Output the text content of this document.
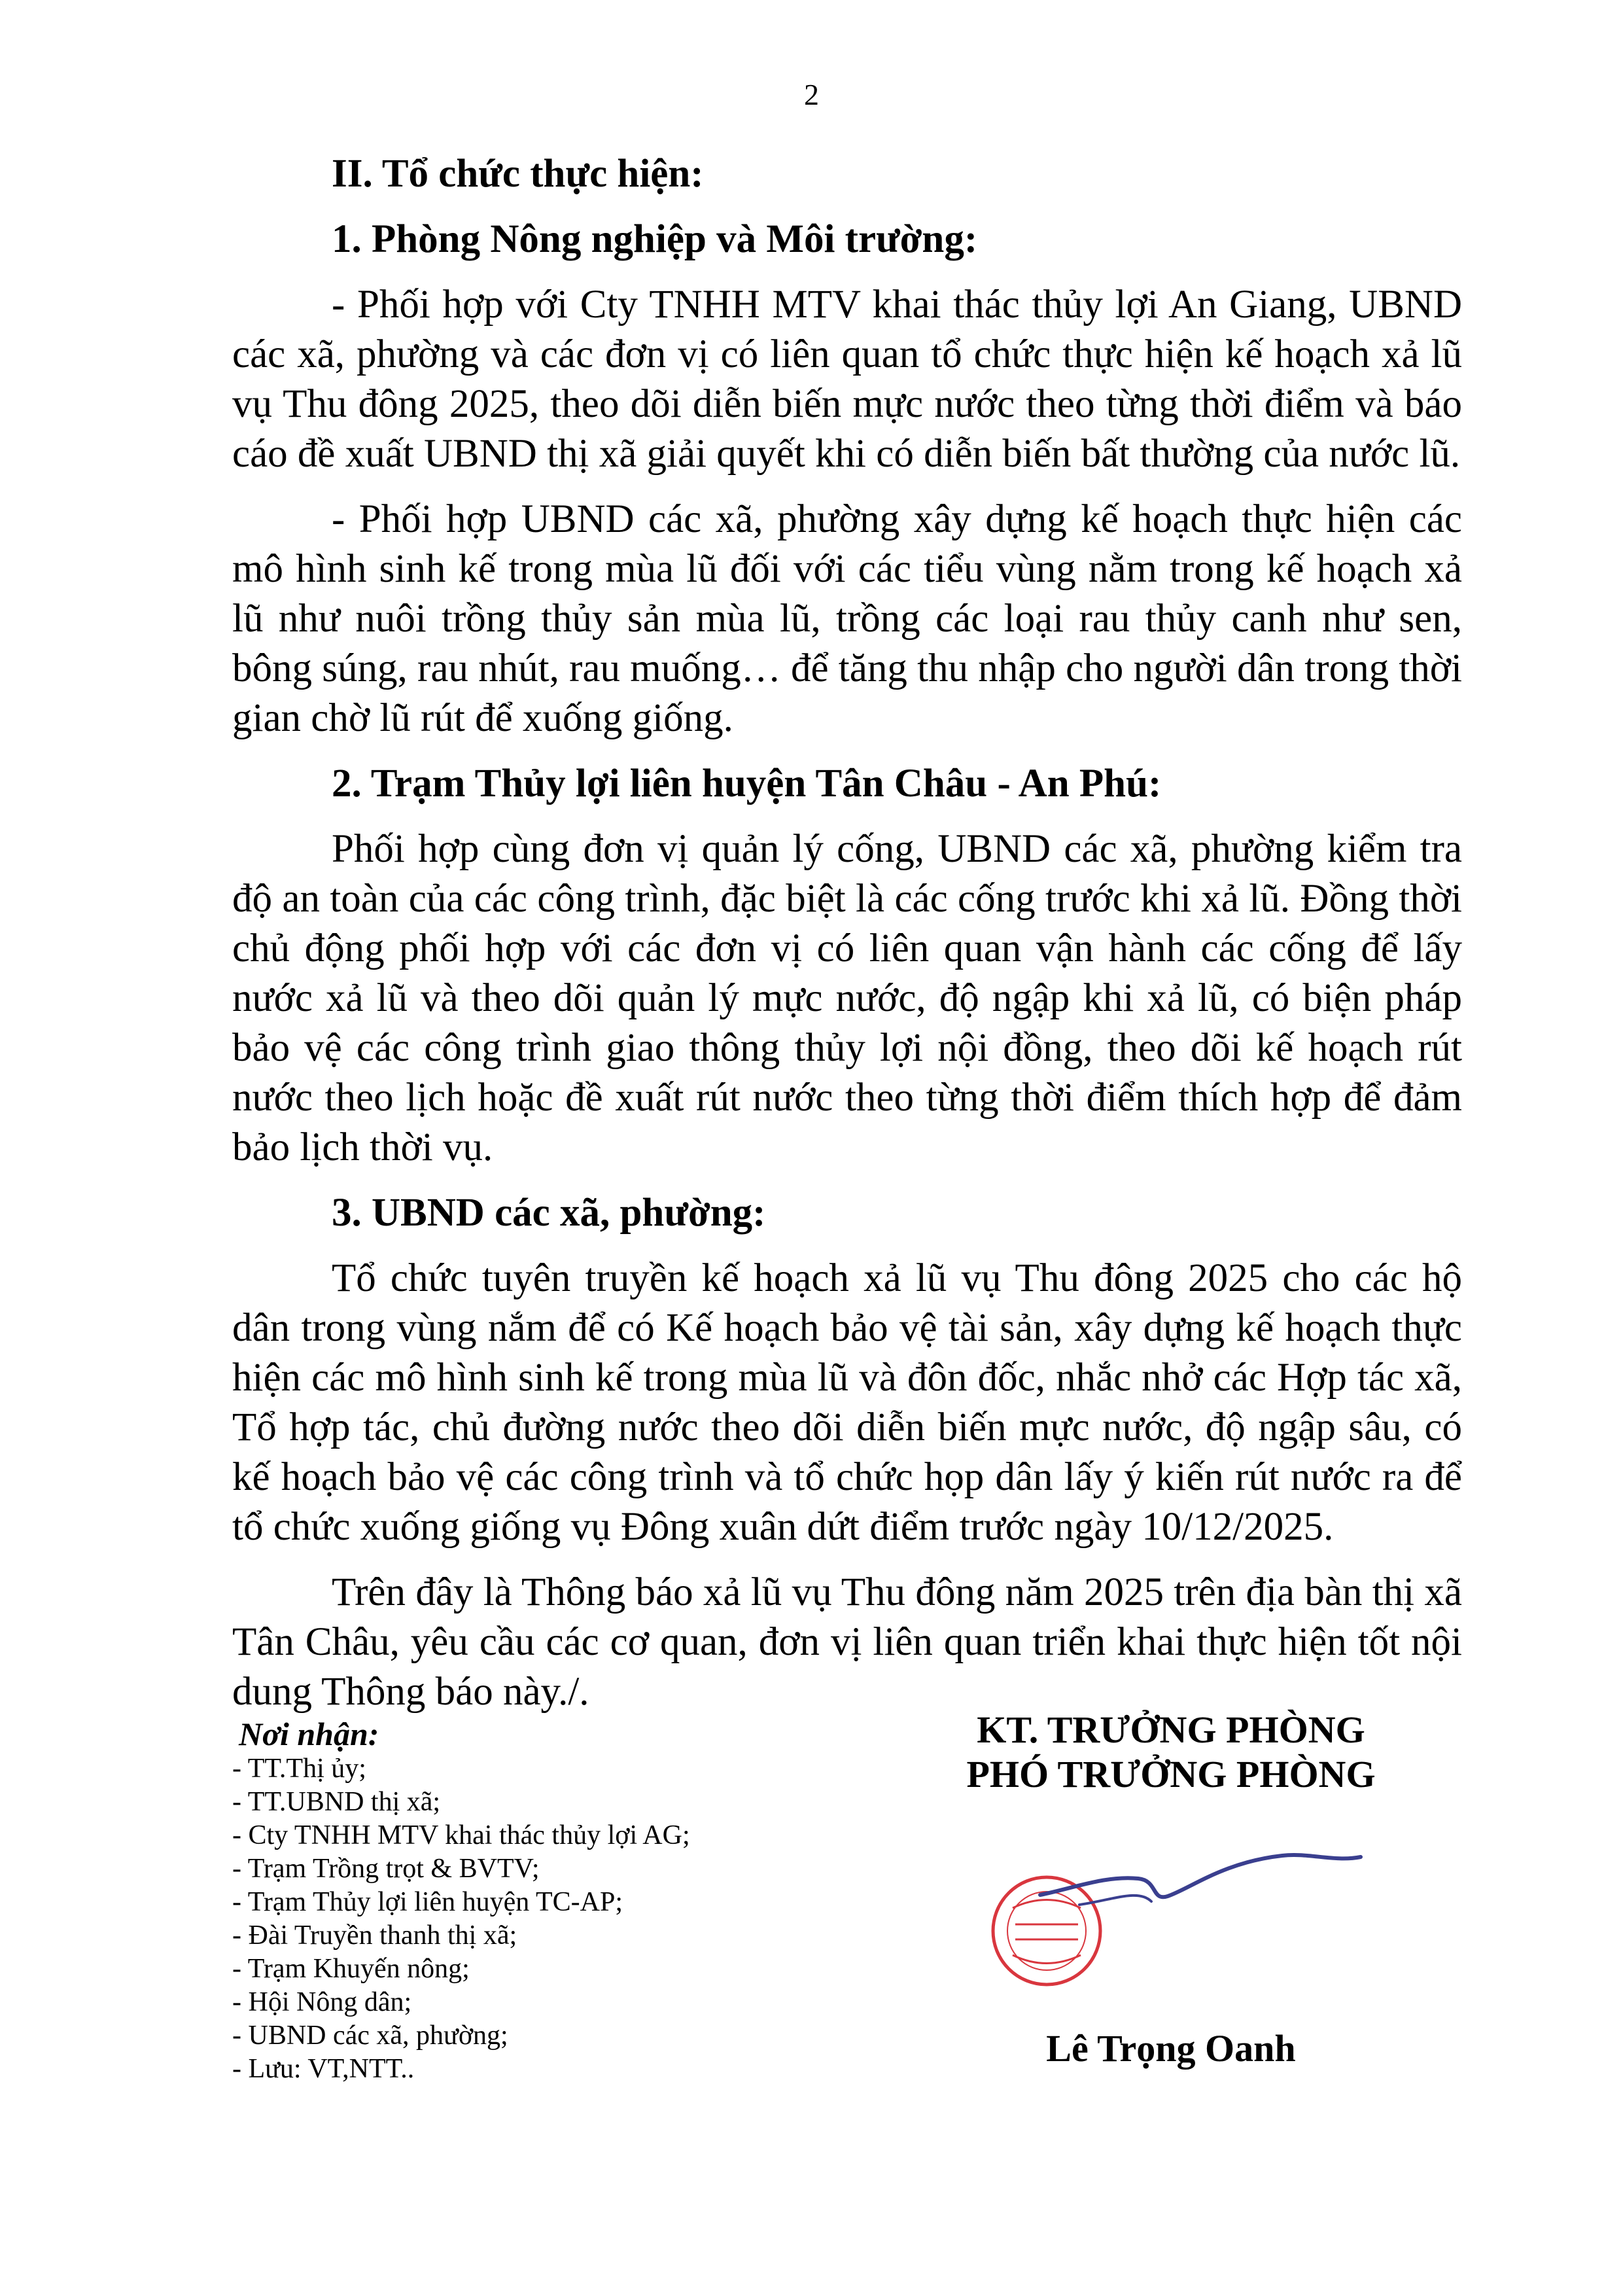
2
II. Tổ chức thực hiện:
1. Phòng Nông nghiệp và Môi trường:

- Phối hợp với Cty TNHH MTV khai thác thủy lợi An Giang, UBND các xã, phường và các đơn vị có liên quan tổ chức thực hiện kế hoạch xả lũ vụ Thu đông 2025, theo dõi diễn biến mực nước theo từng thời điểm và báo cáo đề xuất UBND thị xã giải quyết khi có diễn biến bất thường của nước lũ.

- Phối hợp UBND các xã, phường xây dựng kế hoạch thực hiện các mô hình sinh kế trong mùa lũ đối với các tiểu vùng nằm trong kế hoạch xả lũ như nuôi trồng thủy sản mùa lũ, trồng các loại rau thủy canh như sen, bông súng, rau nhút, rau muống… để tăng thu nhập cho người dân trong thời gian chờ lũ rút để xuống giống.

2. Trạm Thủy lợi liên huyện Tân Châu - An Phú:

Phối hợp cùng đơn vị quản lý cống, UBND các xã, phường kiểm tra độ an toàn của các công trình, đặc biệt là các cống trước khi xả lũ. Đồng thời chủ động phối hợp với các đơn vị có liên quan vận hành các cống để lấy nước xả lũ và theo dõi quản lý mực nước, độ ngập khi xả lũ, có biện pháp bảo vệ các công trình giao thông thủy lợi nội đồng, theo dõi kế hoạch rút nước theo lịch hoặc đề xuất rút nước theo từng thời điểm thích hợp để đảm bảo lịch thời vụ.

3. UBND các xã, phường:

Tổ chức tuyên truyền kế hoạch xả lũ vụ Thu đông 2025 cho các hộ dân trong vùng nắm để có Kế hoạch bảo vệ tài sản, xây dựng kế hoạch thực hiện các mô hình sinh kế trong mùa lũ và đôn đốc, nhắc nhở các Hợp tác xã, Tổ hợp tác, chủ đường nước theo dõi diễn biến mực nước, độ ngập sâu, có kế hoạch bảo vệ các công trình và tổ chức họp dân lấy ý kiến rút nước ra để tổ chức xuống giống vụ Đông xuân dứt điểm trước ngày 10/12/2025.

Trên đây là Thông báo xả lũ vụ Thu đông năm 2025 trên địa bàn thị xã Tân Châu, yêu cầu các cơ quan, đơn vị liên quan triển khai thực hiện tốt nội dung Thông báo này./.

Nơi nhận:
- TT.Thị ủy;
- TT.UBND thị xã;
- Cty TNHH MTV khai thác thủy lợi AG;
- Trạm Trồng trọt & BVTV;
- Trạm Thủy lợi liên huyện TC-AP;
- Đài Truyền thanh thị xã;
- Trạm Khuyến nông;
- Hội Nông dân;
- UBND các xã, phường;
- Lưu: VT,NTT..
KT. TRƯỞNG PHÒNG
PHÓ TRƯỞNG PHÒNG
Lê Trọng Oanh
